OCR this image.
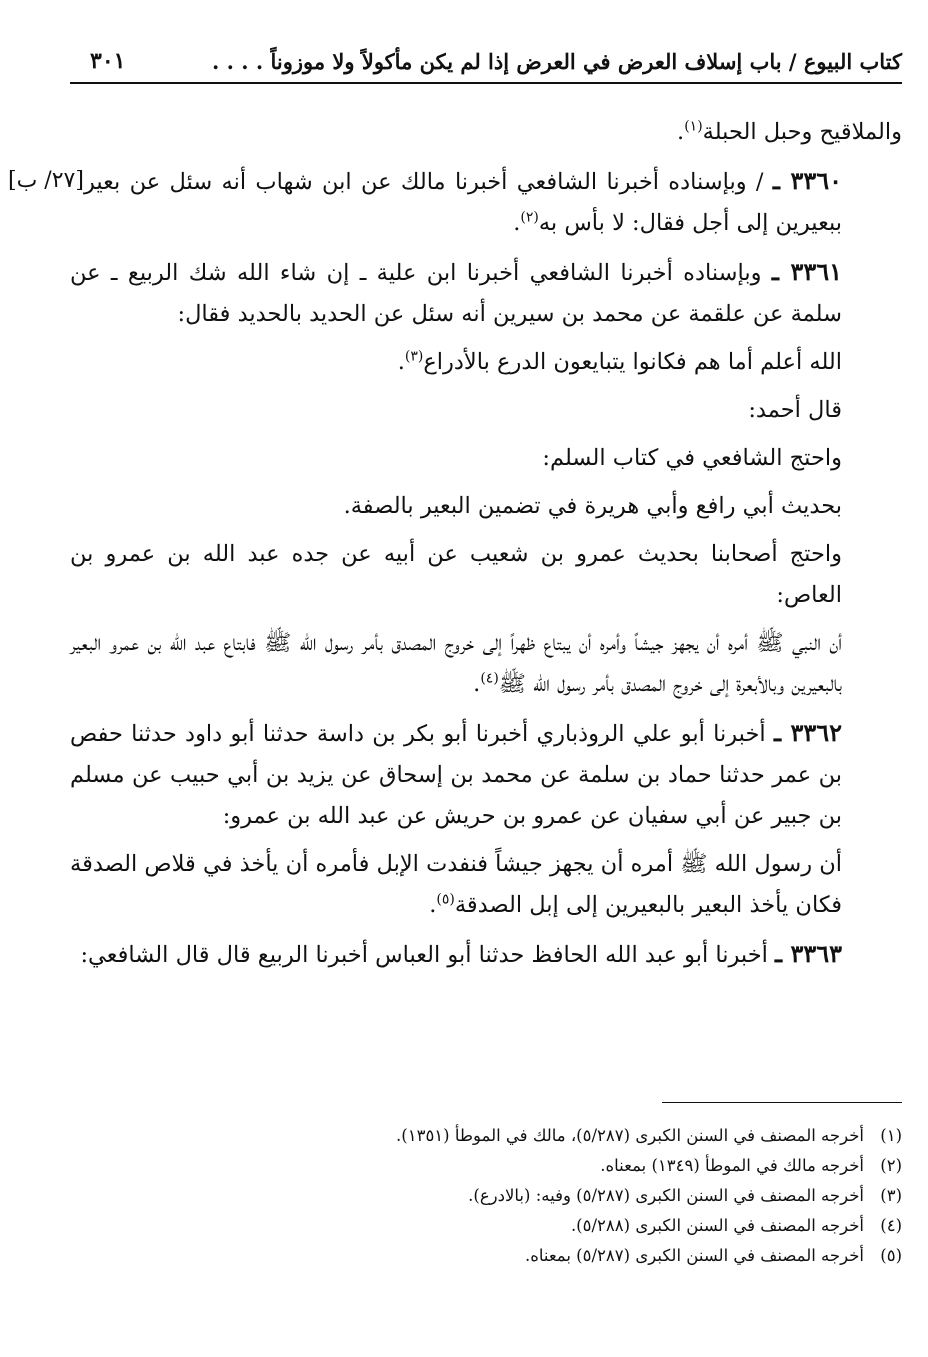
كتاب البيوع / باب إسلاف العرض في العرض إذا لم يكن مأكولاً ولا موزوناً . . . .
٣٠١

والملاقيح وحبل الحبلة$^{(١)}$.

[٢٧/ ب]	٣٣٦٠ ـ / وبإسناده أخبرنا الشافعي أخبرنا مالك عن ابن شهاب أنه سئل عن بعير ببعيرين إلى أجل فقال: لا بأس به$^{(٢)}$.

٣٣٦١ ـ وبإسناده أخبرنا الشافعي أخبرنا ابن علية ـ إن شاء الله شك الربيع ـ عن سلمة عن علقمة عن محمد بن سيرين أنه سئل عن الحديد بالحديد فقال:

الله أعلم أما هم فكانوا يتبايعون الدرع بالأدراع$^{(٣)}$.

قال أحمد:

واحتج الشافعي في كتاب السلم:

بحديث أبي رافع وأبي هريرة في تضمين البعير بالصفة.

واحتج أصحابنا بحديث عمرو بن شعيب عن أبيه عن جده عبد الله بن عمرو بن العاص:

أن النبي ﷺ أمره أن يجهز جيشاً وأمره أن يبتاع ظهراً إلى خروج المصدق بأمر رسول الله ﷺ فابتاع عبد الله بن عمرو البعير بالبعيرين وبالأبعرة إلى خروج المصدق بأمر رسول الله ﷺ$^{(٤)}$.

٣٣٦٢ ـ أخبرنا أبو علي الروذباري أخبرنا أبو بكر بن داسة حدثنا أبو داود حدثنا حفص بن عمر حدثنا حماد بن سلمة عن محمد بن إسحاق عن يزيد بن أبي حبيب عن مسلم بن جبير عن أبي سفيان عن عمرو بن حريش عن عبد الله بن عمرو:

أن رسول الله ﷺ أمره أن يجهز جيشاً فنفدت الإبل فأمره أن يأخذ في قلاص الصدقة فكان يأخذ البعير بالبعيرين إلى إبل الصدقة$^{(٥)}$.

٣٣٦٣ ـ أخبرنا أبو عبد الله الحافظ حدثنا أبو العباس أخبرنا الربيع قال قال الشافعي:

(١)
أخرجه المصنف في السنن الكبرى (٥/٢٨٧)، مالك في الموطأ (١٣٥١).
(٢)
أخرجه مالك في الموطأ (١٣٤٩) بمعناه.
(٣)
أخرجه المصنف في السنن الكبرى (٥/٢٨٧) وفيه: (بالادرع).
(٤)
أخرجه المصنف في السنن الكبرى (٥/٢٨٨).
(٥)
أخرجه المصنف في السنن الكبرى (٥/٢٨٧) بمعناه.
